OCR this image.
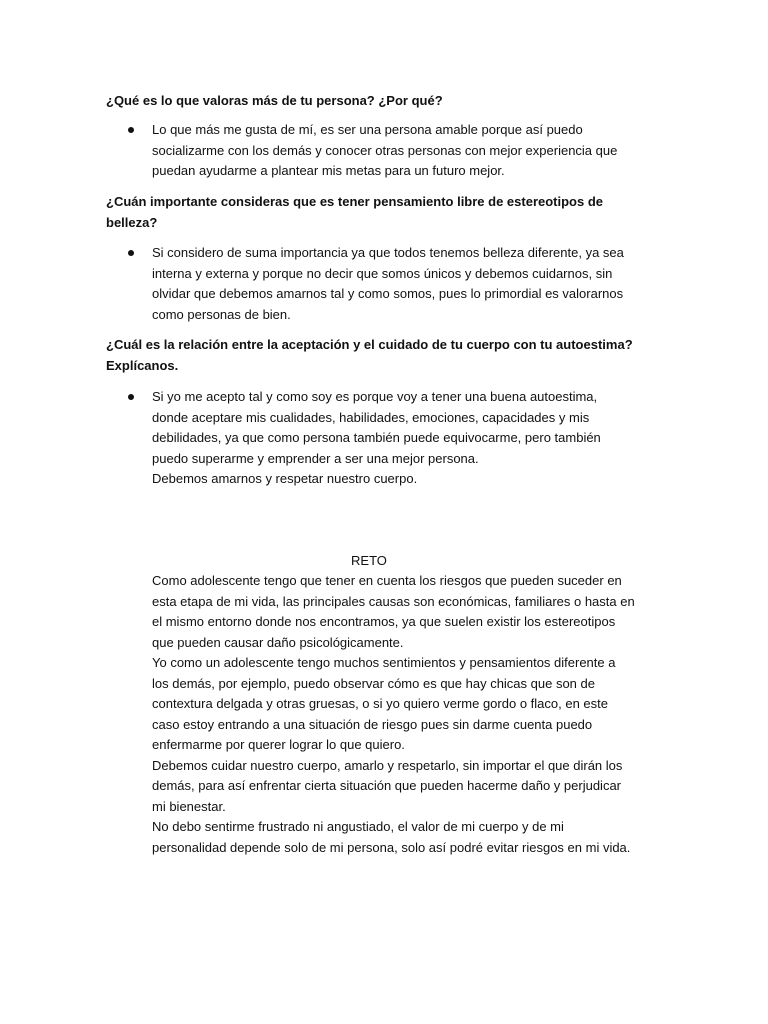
¿Qué es lo que valoras más de tu persona? ¿Por qué?

Lo que más me gusta de mí, es ser una persona amable porque así puedo
socializarme con los demás y conocer otras personas con mejor experiencia que
puedan ayudarme a plantear mis metas para un futuro mejor.

¿Cuán importante consideras que es tener pensamiento libre de estereotipos de
belleza?

Si considero de suma importancia ya que todos tenemos belleza diferente, ya sea
interna y externa y porque no decir que somos únicos y debemos cuidarnos, sin
olvidar que debemos amarnos tal y como somos, pues lo primordial es valorarnos
como personas de bien.

¿Cuál es la relación entre la aceptación y el cuidado de tu cuerpo con tu autoestima?
Explícanos.

Si yo me acepto tal y como soy es porque voy a tener una buena autoestima,
donde aceptare mis cualidades, habilidades, emociones, capacidades y mis
debilidades, ya que como persona también puede equivocarme, pero también
puedo superarme y emprender a ser una mejor persona.
Debemos amarnos y respetar nuestro cuerpo.

RETO

Como adolescente tengo que tener en cuenta los riesgos que pueden suceder en
esta etapa de mi vida, las principales causas son económicas, familiares o hasta en
el mismo entorno donde nos encontramos, ya que suelen existir los estereotipos
que pueden causar daño psicológicamente.
Yo como un adolescente tengo muchos sentimientos y pensamientos diferente a
los demás, por ejemplo, puedo observar cómo es que hay chicas que son de
contextura delgada y otras gruesas, o si yo quiero verme gordo o flaco, en este
caso estoy entrando a una situación de riesgo pues sin darme cuenta puedo
enfermarme por querer lograr lo que quiero.
Debemos cuidar nuestro cuerpo, amarlo y respetarlo, sin importar el que dirán los
demás, para así enfrentar cierta situación que pueden hacerme daño y perjudicar
mi bienestar.
No debo sentirme frustrado ni angustiado, el valor de mi cuerpo y de mi
personalidad depende solo de mi persona, solo así podré evitar riesgos en mi vida.
